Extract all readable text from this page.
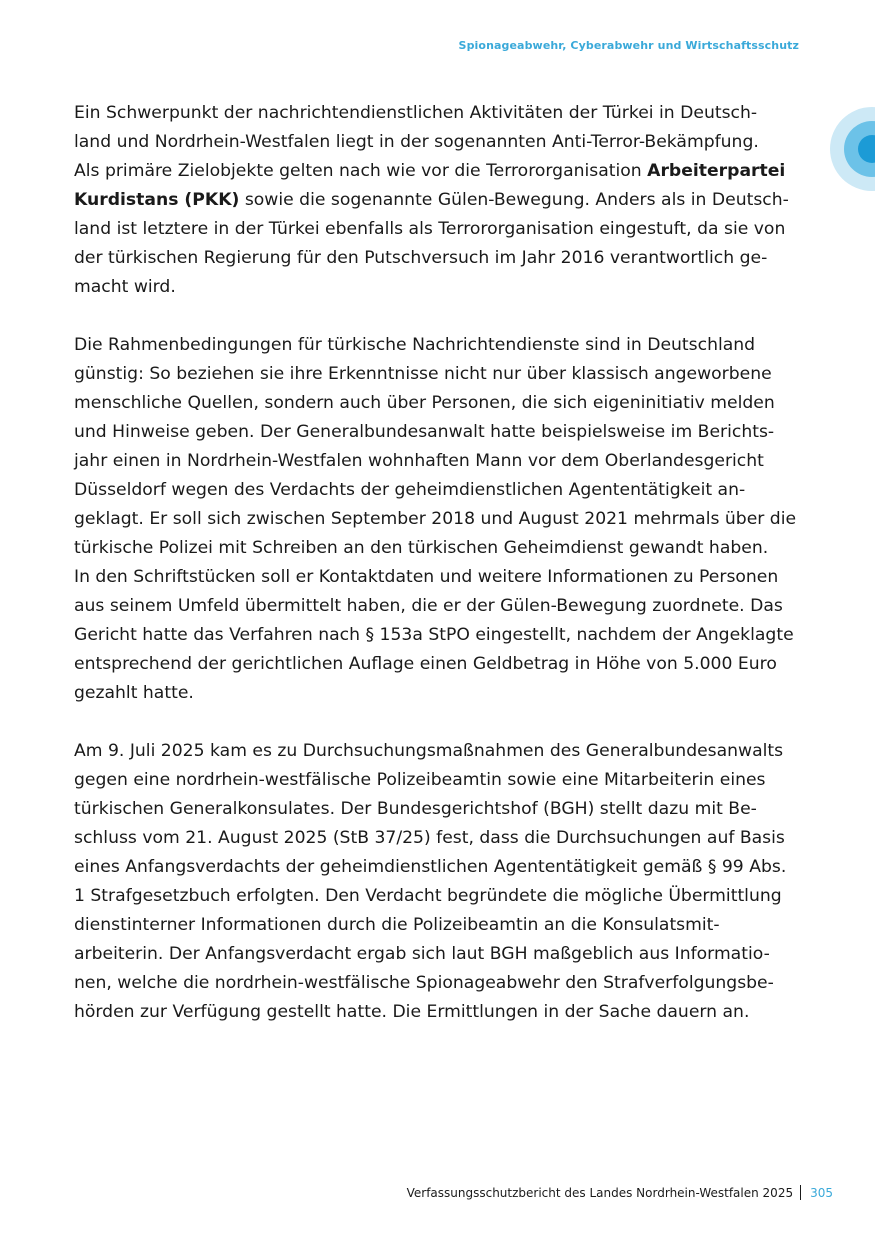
Spionageabwehr, Cyberabwehr und Wirtschaftsschutz

Ein Schwerpunkt der nachrichtendienstlichen Aktivitäten der Türkei in Deutsch-
land und Nordrhein-Westfalen liegt in der sogenannten Anti-Terror-Bekämpfung.
Als primäre Zielobjekte gelten nach wie vor die Terrororganisation Arbeiterpartei
Kurdistans (PKK) sowie die sogenannte Gülen-Bewegung. Anders als in Deutsch-
land ist letztere in der Türkei ebenfalls als Terrororganisation eingestuft, da sie von
der türkischen Regierung für den Putschversuch im Jahr 2016 verantwortlich ge-
macht wird.

Die Rahmenbedingungen für türkische Nachrichtendienste sind in Deutschland
günstig: So beziehen sie ihre Erkenntnisse nicht nur über klassisch angeworbene
menschliche Quellen, sondern auch über Personen, die sich eigeninitiativ melden
und Hinweise geben. Der Generalbundesanwalt hatte beispielsweise im Berichts-
jahr einen in Nordrhein-Westfalen wohnhaften Mann vor dem Oberlandesgericht
Düsseldorf wegen des Verdachts der geheimdienstlichen Agententätigkeit an-
geklagt. Er soll sich zwischen September 2018 und August 2021 mehrmals über die
türkische Polizei mit Schreiben an den türkischen Geheimdienst gewandt haben.
In den Schriftstücken soll er Kontaktdaten und weitere Informationen zu Personen
aus seinem Umfeld übermittelt haben, die er der Gülen-Bewegung zuordnete. Das
Gericht hatte das Verfahren nach § 153a StPO eingestellt, nachdem der Angeklagte
entsprechend der gerichtlichen Auflage einen Geldbetrag in Höhe von 5.000 Euro
gezahlt hatte.

Am 9. Juli 2025 kam es zu Durchsuchungsmaßnahmen des Generalbundesanwalts
gegen eine nordrhein-westfälische Polizeibeamtin sowie eine Mitarbeiterin eines
türkischen Generalkonsulates. Der Bundesgerichtshof (BGH) stellt dazu mit Be-
schluss vom 21. August 2025 (StB 37/25) fest, dass die Durchsuchungen auf Basis
eines Anfangsverdachts der geheimdienstlichen Agententätigkeit gemäß § 99 Abs.
1 Strafgesetzbuch erfolgten. Den Verdacht begründete die mögliche Übermittlung
dienstinterner Informationen durch die Polizeibeamtin an die Konsulatsmit-
arbeiterin. Der Anfangsverdacht ergab sich laut BGH maßgeblich aus Informatio-
nen, welche die nordrhein-westfälische Spionageabwehr den Strafverfolgungsbe-
hörden zur Verfügung gestellt hatte. Die Ermittlungen in der Sache dauern an.

Verfassungsschutzbericht des Landes Nordrhein-Westfalen 2025 305
